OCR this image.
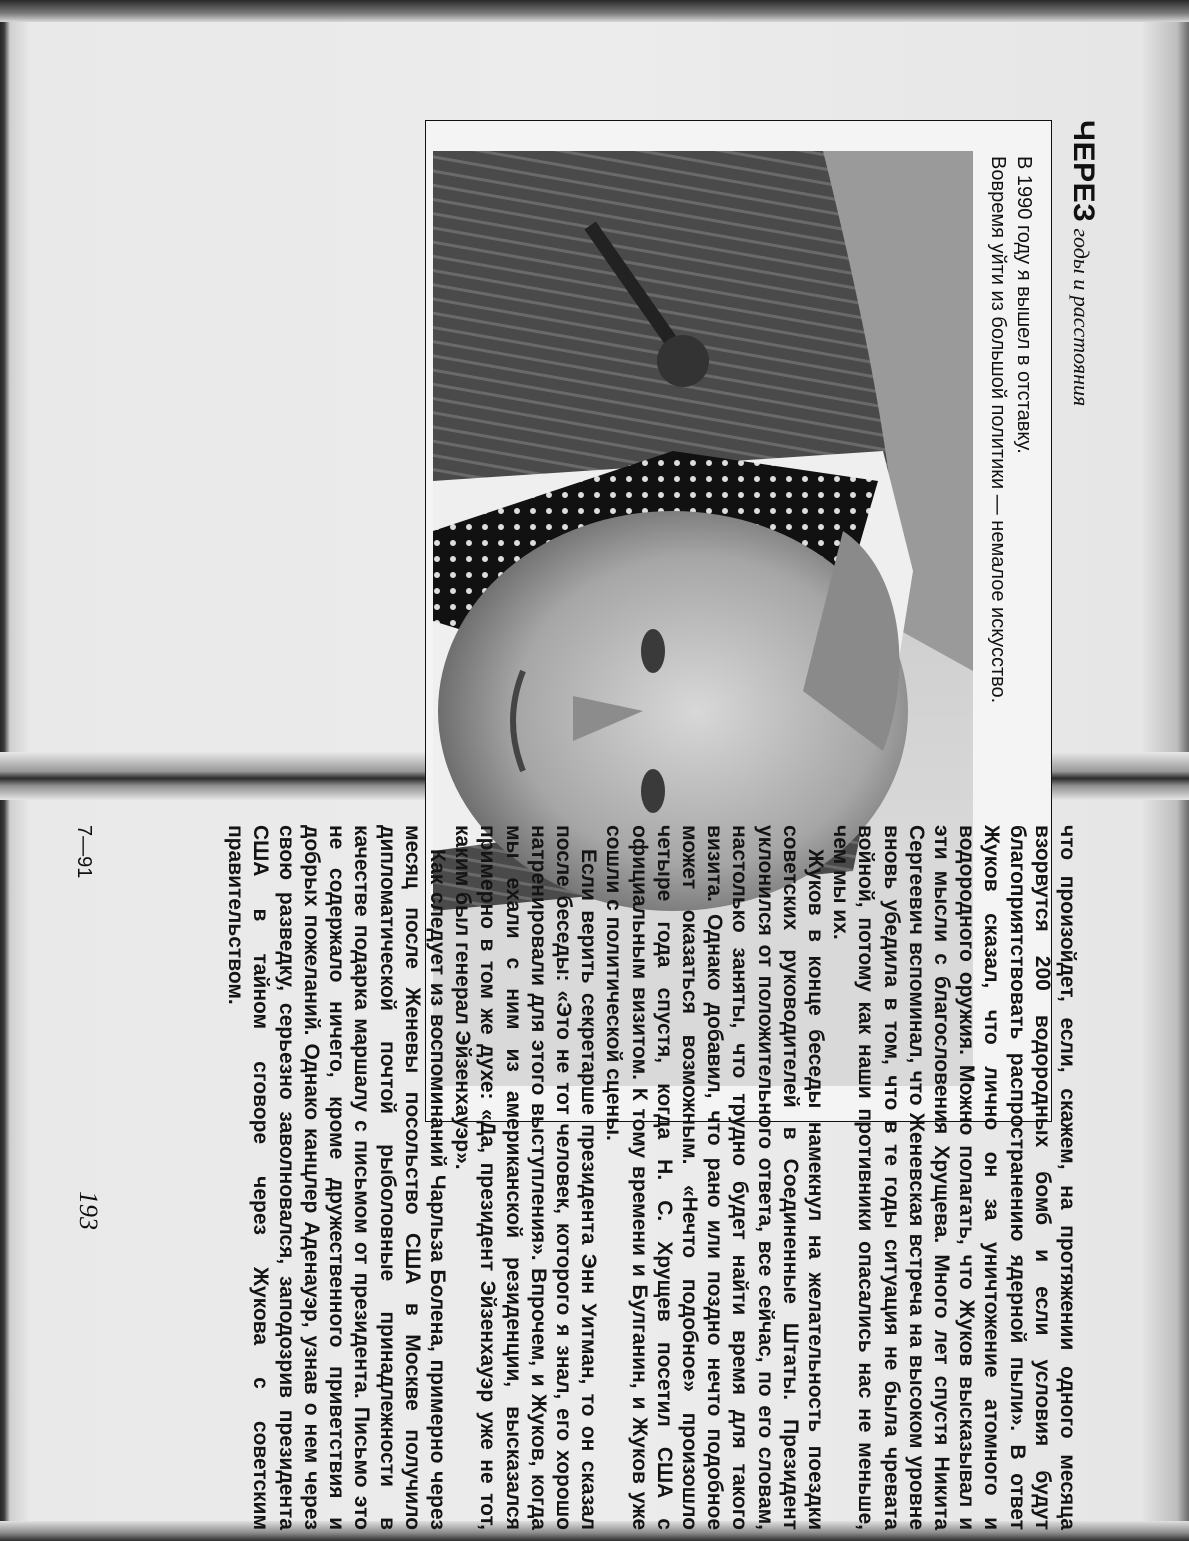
ЧЕРЕЗ
годы и расстояния
В 1990 году я вышел в отставку.
Вовремя уйти из большой политики — немалое искусство.

что произойдет, если, скажем, на протяжении одного месяца взорвутся 200 водородных бомб и если условия будут благоприятствовать распространению ядерной пыли». В ответ Жуков сказал, что лично он за уничтожение атомного и водородного оружия. Можно полагать, что Жуков высказывал и эти мысли с благословения Хрущева. Много лет спустя Никита Сергеевич вспоминал, что Женевская встреча на высоком уровне вновь убедила в том, что в те годы ситуация не была чревата войной, потому как наши противники опасались нас не меньше, чем мы их.

Жуков в конце беседы намекнул на желательность поездки советских руководителей в Соединенные Штаты. Президент уклонился от положительного ответа, все сейчас, по его словам, настолько заняты, что трудно будет найти время для такого визита. Однако добавил, что рано или поздно нечто подобное может оказаться возможным. «Нечто подобное» произошло четыре года спустя, когда Н. С. Хрущев посетил США с официальным визитом. К тому времени и Булганин, и Жуков уже сошли с политической сцены.

Если верить секретарше президента Энн Уитман, то он сказал после беседы: «Это не тот человек, которого я знал, его хорошо натренировали для этого выступления». Впрочем, и Жуков, когда мы ехали с ним из американской резиденции, высказался примерно в том же духе: «Да, президент Эйзенхауэр уже не тот, каким был генерал Эйзенхауэр».

Как следует из воспоминаний Чарльза Болена, примерно через месяц после Женевы посольство США в Москве получило дипломатической почтой рыболовные принадлежности в качестве подарка маршалу с письмом от президента. Письмо это не содержало ничего, кроме дружественного приветствия и добрых пожеланий. Однако канцлер Аденауэр, узнав о нем через свою разведку, серьезно заволновался, заподозрив президента США в тайном сговоре через Жукова с советским правительством.

7—91
193
